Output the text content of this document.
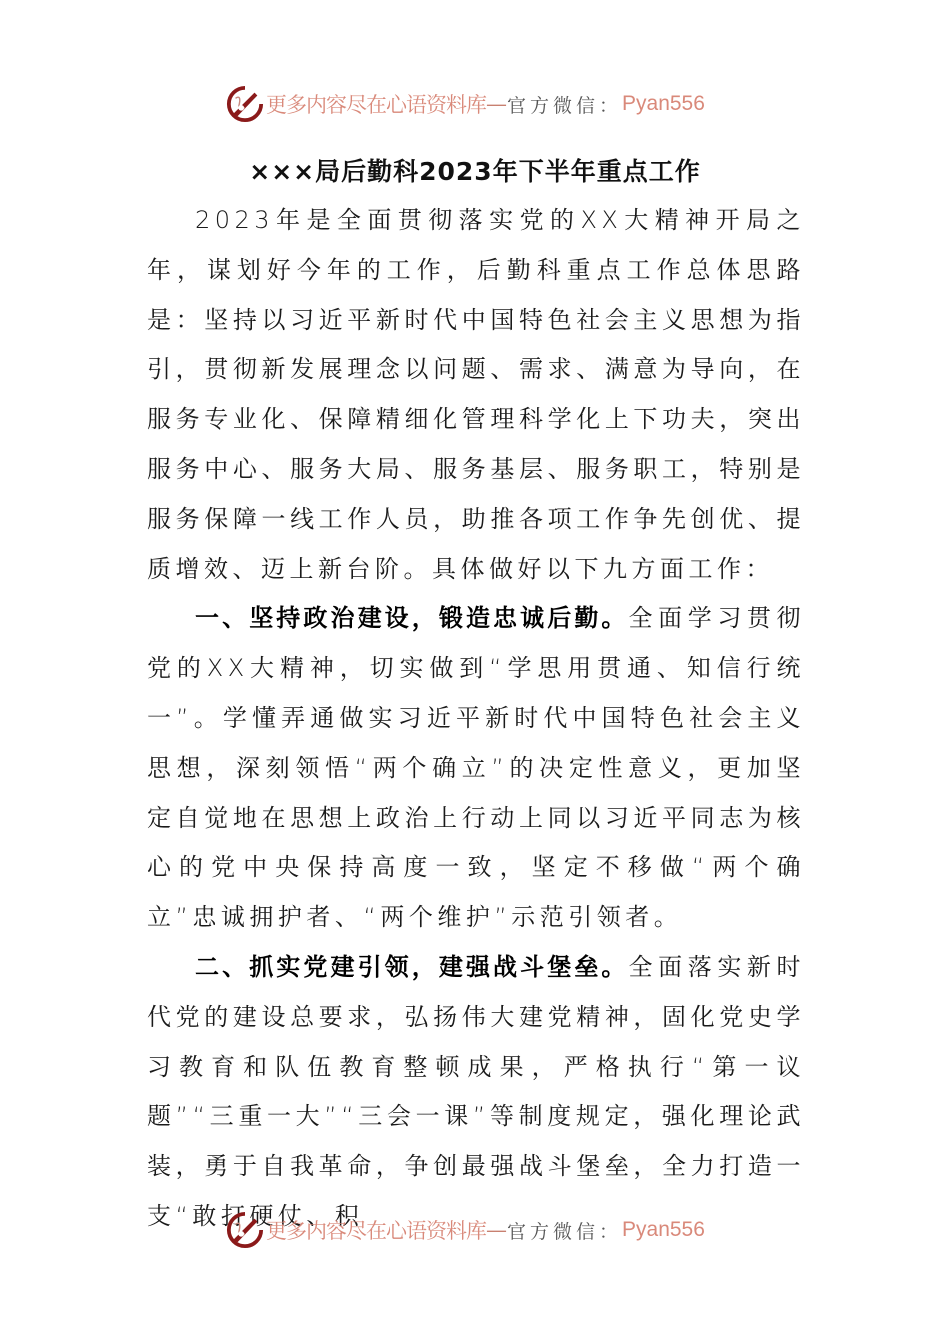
更多内容尽在心语资料库 — 官方微信： Pyan556
×××局后勤科2023年下半年重点工作

2023年是全面贯彻落实党的XX大精神开局之年，谋划好今年的工作，后勤科重点工作总体思路是：坚持以习近平新时代中国特色社会主义思想为指引，贯彻新发展理念以问题、需求、满意为导向，在服务专业化、保障精细化管理科学化上下功夫，突出服务中心、服务大局、服务基层、服务职工，特别是服务保障一线工作人员，助推各项工作争先创优、提质增效、迈上新台阶。具体做好以下九方面工作：

一、坚持政治建设，锻造忠诚后勤。全面学习贯彻党的XX大精神，切实做到“学思用贯通、知信行统一”。学懂弄通做实习近平新时代中国特色社会主义思想，深刻领悟“两个确立”的决定性意义，更加坚定自觉地在思想上政治上行动上同以习近平同志为核心的党中央保持高度一致，坚定不移做“两个确立”忠诚拥护者、“两个维护”示范引领者。

二、抓实党建引领，建强战斗堡垒。全面落实新时代党的建设总要求，弘扬伟大建党精神，固化党史学习教育和队伍教育整顿成果，严格执行“第一议题”“三重一大”“三会一课”等制度规定，强化理论武装，勇于自我革命，争创最强战斗堡垒，全力打造一支“敢打硬仗、积

更多内容尽在心语资料库 — 官方微信： Pyan556
